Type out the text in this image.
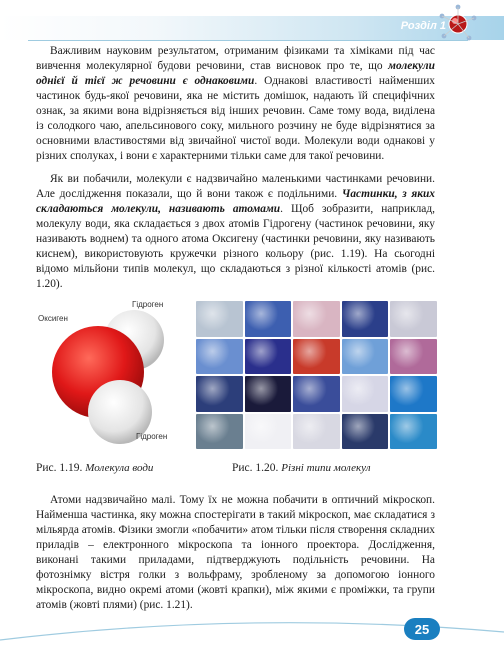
Розділ 1

Важливим науковим результатом, отриманим фізиками та хіміками під час вивчення молекулярної будови речовини, став висновок про те, що молекули однієї й тієї ж речовини є однаковими. Однакові властивості найменших частинок будь-якої речовини, яка не містить домішок, надають їй специфічних ознак, за якими вона відрізняється від інших речовин. Саме тому вода, виділена із солодкого чаю, апельсинового соку, мильного розчину не буде відрізнятися за основними властивостями від звичайної чистої води. Молекули води однакові у різних сполуках, і вони є характерними тільки саме для такої речовини.

Як ви побачили, молекули є надзвичайно маленькими частинками речовини. Але дослідження показали, що й вони також є подільними. Частинки, з яких складаються молекули, називають атомами. Щоб зобразити, наприклад, молекулу води, яка складається з двох атомів Гідрогену (частинок речовини, яку називають воднем) та одного атома Оксигену (частинки речовини, яку називають киснем), використовують кружечки різного кольору (рис. 1.19). На сьогодні відомо мільйони типів молекул, що складаються з різної кількості атомів (рис. 1.20).

Оксиген
Гідроген
Гідроген
Рис. 1.19. Молекула води	Рис. 1.20. Різні типи молекул

Атоми надзвичайно малі. Тому їх не можна побачити в оптичний мікроскоп. Найменша частинка, яку можна спостерігати в такий мікроскоп, має складатися з мільярда атомів. Фізики змогли «побачити» атом тільки після створення складних приладів – електронного мікроскопа та іонного проектора. Дослідження, виконані такими приладами, підтверджують подільність речовини. На фотознімку вістря голки з вольфраму, зробленому за допомогою іонного мікроскопа, видно окремі атоми (жовті крапки), між якими є проміжки, та групи атомів (жовті плями) (рис. 1.21).

25
